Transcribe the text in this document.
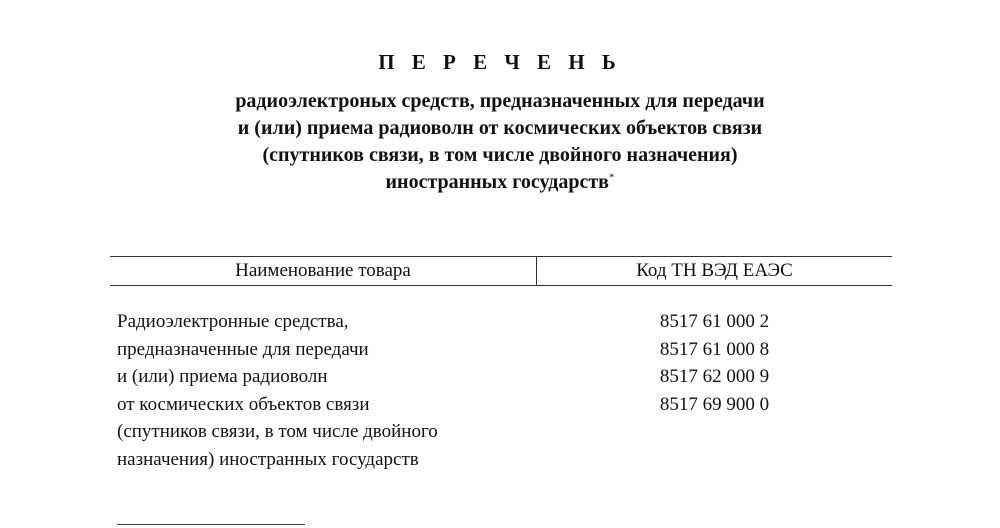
П Е Р Е Ч Е Н Ь
радиоэлектроных средств, предназначенных для передачи
и (или) приема радиоволн от космических объектов связи
(спутников связи, в том числе двойного назначения)
иностранных государств*
Наименование товара	Код ТН ВЭД ЕАЭС
Радиоэлектронные средства,
предназначенные для передачи
и (или) приема радиоволн
от космических объектов связи
(спутников связи, в том числе двойного
назначения) иностранных государств
8517 61 000 2
8517 61 000 8
8517 62 000 9
8517 69 900 0
